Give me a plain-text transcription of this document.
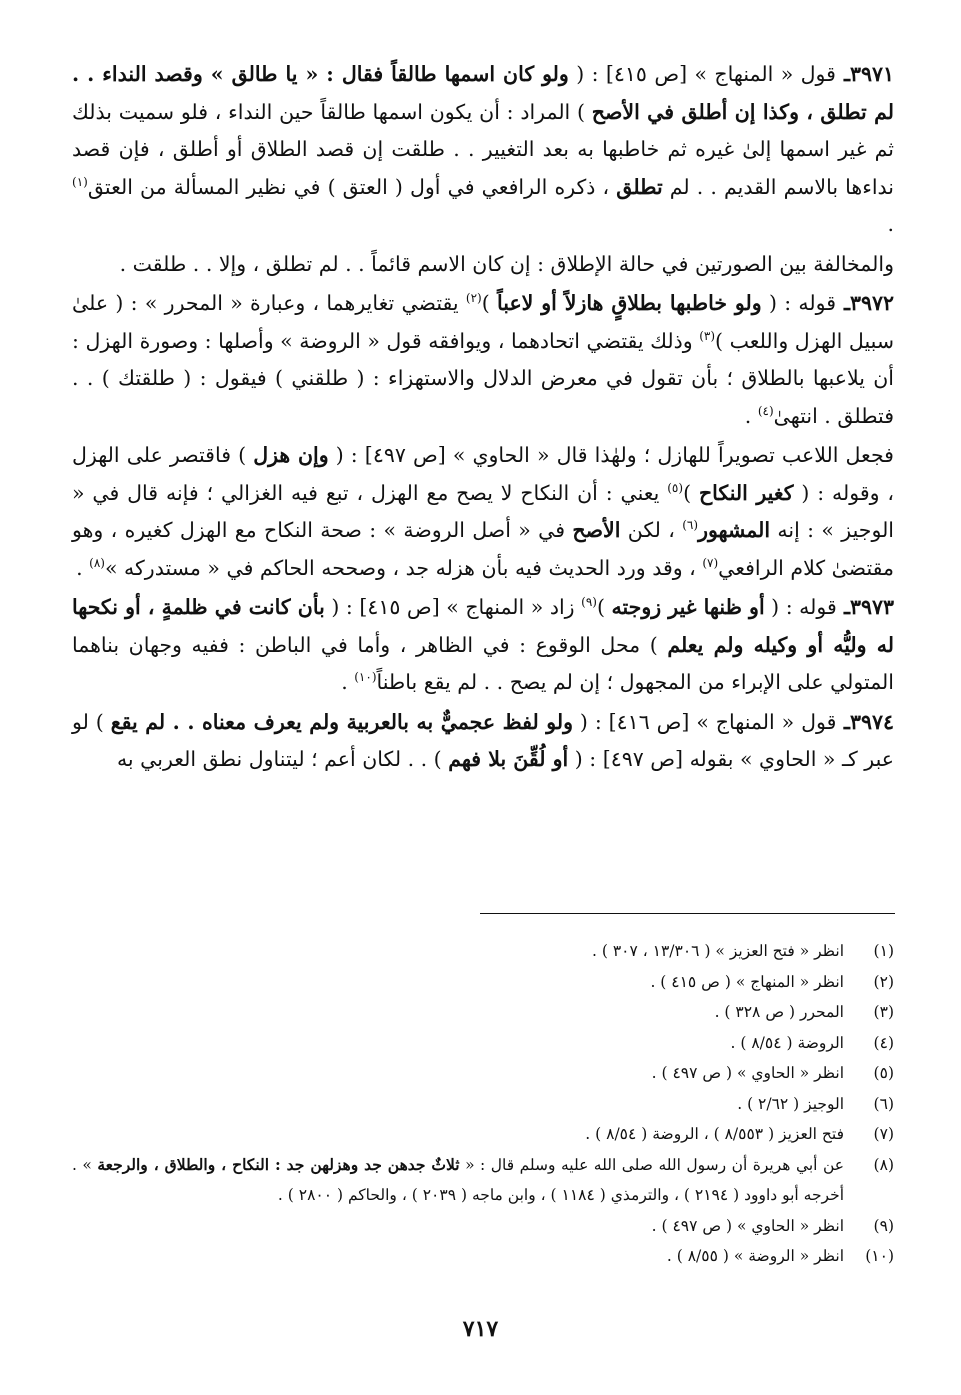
٣٩٧١ـ قول « المنهاج » [ص ٤١٥] : ( ولو كان اسمها طالقاً فقال : « يا طالق » وقصد النداء . . لم تطلق ، وكذا إن أطلق في الأصح ) المراد : أن يكون اسمها طالقاً حين النداء ، فلو سميت بذلك ثم غير اسمها إلىٰ غيره ثم خاطبها به بعد التغيير . . طلقت إن قصد الطلاق أو أطلق ، فإن قصد نداءها بالاسم القديم . . لم تطلق ، ذكره الرافعي في أول ( العتق ) في نظير المسألة من العتق$^{(١)}$ .

والمخالفة بين الصورتين في حالة الإطلاق : إن كان الاسم قائماً . . لم تطلق ، وإلا . . طلقت .

٣٩٧٢ـ قوله : ( ولو خاطبها بطلاقٍ هازلاً أو لاعباً )$^{(٢)}$ يقتضي تغايرهما ، وعبارة « المحرر » : ( علىٰ سبيل الهزل واللعب )$^{(٣)}$ وذلك يقتضي اتحادهما ، ويوافقه قول « الروضة » وأصلها : وصورة الهزل : أن يلاعبها بالطلاق ؛ بأن تقول في معرض الدلال والاستهزاء : ( طلقني ) فيقول : ( طلقتك ) . . فتطلق . انتهىٰ$^{(٤)}$ .

فجعل اللاعب تصويراً للهازل ؛ ولهٰذا قال « الحاوي » [ص ٤٩٧] : ( وإن هزل ) فاقتصر على الهزل ، وقوله : ( كغير النكاح )$^{(٥)}$ يعني : أن النكاح لا يصح مع الهزل ، تبع فيه الغزالي ؛ فإنه قال في « الوجيز » : إنه المشهور$^{(٦)}$ ، لكن الأصح في « أصل الروضة » : صحة النكاح مع الهزل كغيره ، وهو مقتضىٰ كلام الرافعي$^{(٧)}$ ، وقد ورد الحديث فيه بأن هزله جد ، وصححه الحاكم في « مستدركه »$^{(٨)}$ .

٣٩٧٣ـ قوله : ( أو ظنها غير زوجته )$^{(٩)}$ زاد « المنهاج » [ص ٤١٥] : ( بأن كانت في ظلمةٍ ، أو نكحها له وليُّه أو وكيله ولم يعلم ) محل الوقوع : في الظاهر ، وأما في الباطن : ففيه وجهان بناهما المتولي على الإبراء من المجهول ؛ إن لم يصح . . لم يقع باطناً$^{(١٠)}$ .

٣٩٧٤ـ قول « المنهاج » [ص ٤١٦] : ( ولو لفظ عجميٌّ به بالعربية ولم يعرف معناه . . لم يقع ) لو عبر كـ « الحاوي » بقوله [ص ٤٩٧] : ( أو لُقِّنَ بلا فهم ) . . لكان أعم ؛ ليتناول نطق العربي به

(١)
انظر « فتح العزيز » ( ١٣/٣٠٦ ، ٣٠٧ ) .
(٢)
انظر « المنهاج » ( ص ٤١٥ ) .
(٣)
المحرر ( ص ٣٢٨ ) .
(٤)
الروضة ( ٨/٥٤ ) .
(٥)
انظر « الحاوي » ( ص ٤٩٧ ) .
(٦)
الوجيز ( ٢/٦٢ ) .
(٧)
فتح العزيز ( ٨/٥٥٣ ) ، الروضة ( ٨/٥٤ ) .
(٨)
عن أبي هريرة أن رسول الله صلى الله عليه وسلم قال : « ثلاثٌ جدهن جد وهزلهن جد : النكاح ، والطلاق ، والرجعة » . أخرجه أبو داوود ( ٢١٩٤ ) ، والترمذي ( ١١٨٤ ) ، وابن ماجه ( ٢٠٣٩ ) ، والحاكم ( ٢٨٠٠ ) .
(٩)
انظر « الحاوي » ( ص ٤٩٧ ) .
(١٠)
انظر « الروضة » ( ٨/٥٥ ) .
٧١٧
